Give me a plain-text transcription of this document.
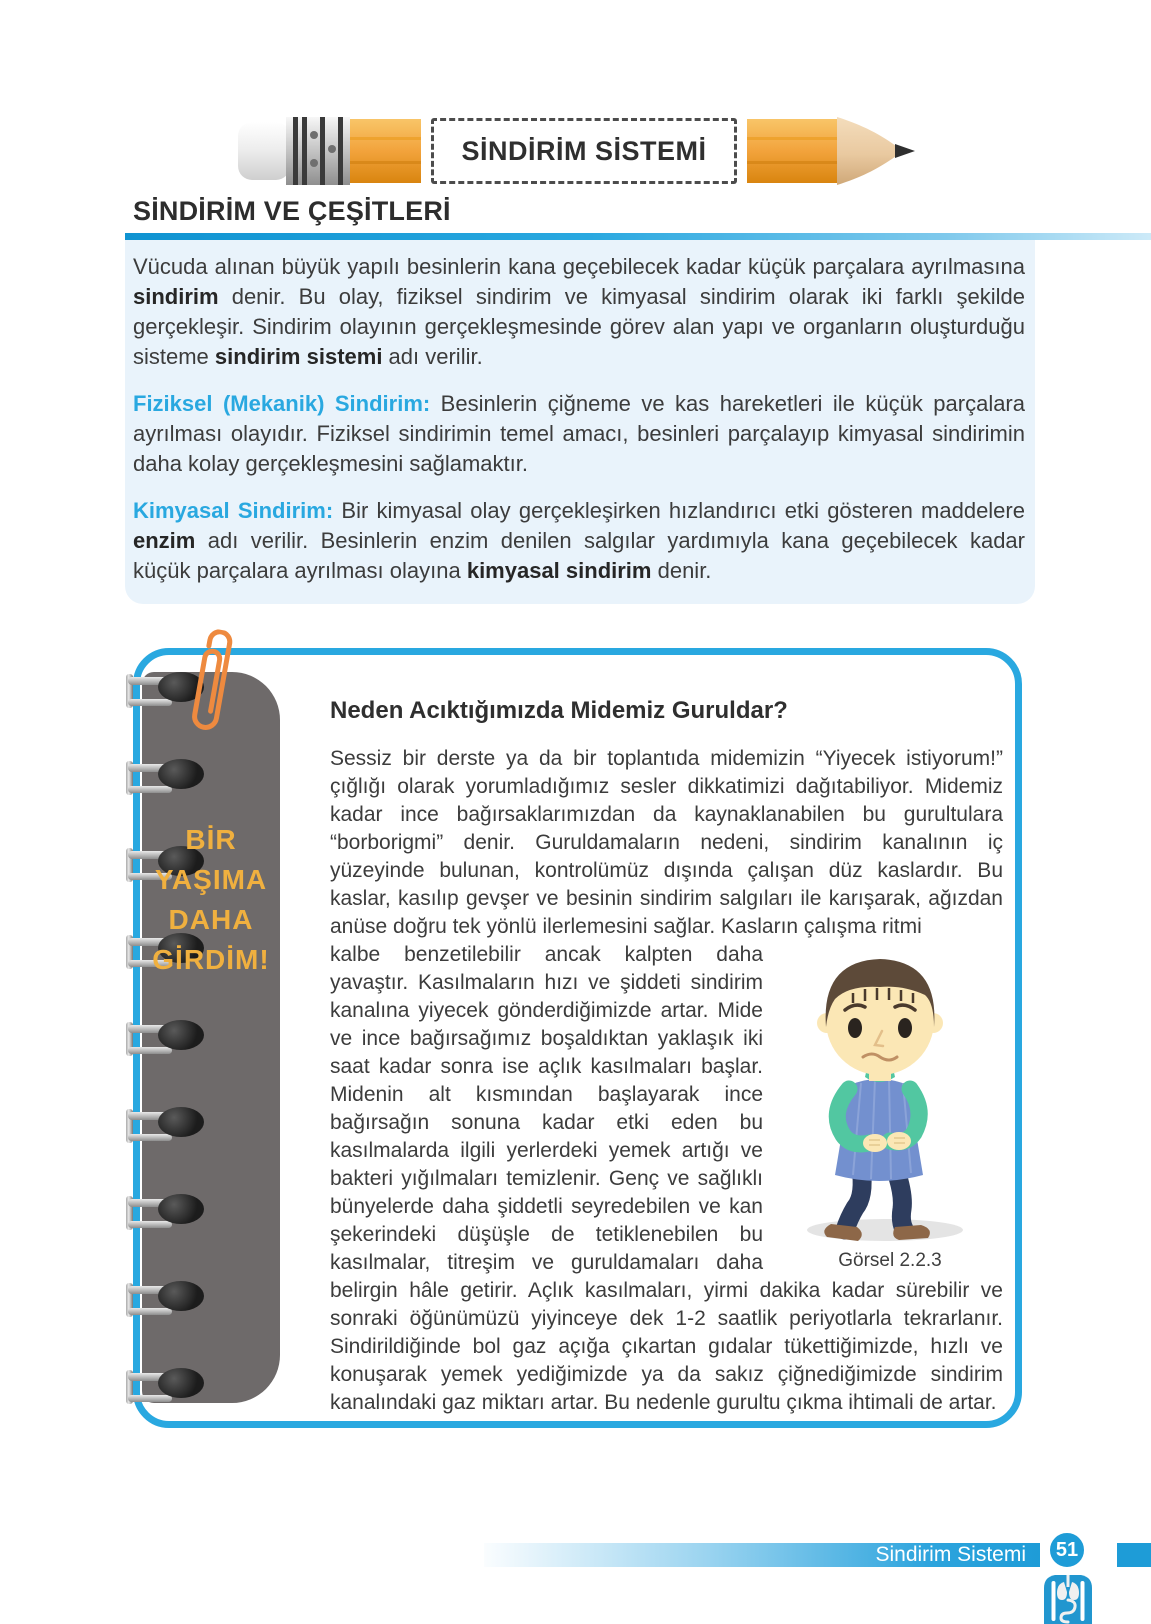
SİNDİRİM SİSTEMİ
SİNDİRİM VE ÇEŞİTLERİ

Vücuda alınan büyük yapılı besinlerin kana geçebilecek kadar küçük parçalara ayrılmasına sindirim denir. Bu olay, fiziksel sindirim ve kimyasal sindirim olarak iki farklı şekilde gerçekleşir. Sindirim olayının gerçekleşmesinde görev alan yapı ve organların oluşturduğu sisteme sindirim sistemi adı verilir.

Fiziksel (Mekanik) Sindirim: Besinlerin çiğneme ve kas hareketleri ile küçük parçalara ayrılması olayıdır. Fiziksel sindirimin temel amacı, besinleri parçalayıp kimyasal sindirimin daha kolay gerçekleşmesini sağlamaktır.

Kimyasal Sindirim: Bir kimyasal olay gerçekleşirken hızlandırıcı etki gösteren maddelere enzim adı verilir. Besinlerin enzim denilen salgılar yardımıyla kana geçebilecek kadar küçük parçalara ayrılması olayına kimyasal sindirim denir.

BİR
YAŞIMA
DAHA
GİRDİM!
Neden Acıktığımızda Midemiz Guruldar?

Sessiz bir derste ya da bir toplantıda midemizin “Yiyecek istiyorum!” çığlığı olarak yorumladığımız sesler dikkatimizi dağıtabiliyor. Midemiz kadar ince bağırsaklarımızdan da kaynaklanabilen bu gurultulara “borborigmi” denir. Guruldamaların nedeni, sindirim kanalının iç yüzeyinde bulunan, kontrolümüz dışında çalışan düz kaslardır. Bu kaslar, kasılıp gevşer ve besinin sindirim salgıları ile karışarak, ağızdan anüse doğru tek yönlü ilerlemesini sağlar. Kasların çalışma ritmi

Görsel 2.2.3

kalbe benzetilebilir ancak kalpten daha yavaştır. Kasılmaların hızı ve şiddeti sindirim kanalına yiyecek gönderdiğimizde artar. Mide ve ince bağırsağımız boşaldıktan yaklaşık iki saat kadar sonra ise açlık kasılmaları başlar. Midenin alt kısmından başlayarak ince bağırsağın sonuna kadar etki eden bu kasılmalarda ilgili yerlerdeki yemek artığı ve bakteri yığılmaları temizlenir. Genç ve sağlıklı bünyelerde daha şiddetli seyredebilen ve kan şekerindeki düşüşle de tetiklenebilen bu kasılmalar, titreşim ve guruldamaları daha belirgin hâle getirir. Açlık kasılmaları, yirmi dakika kadar sürebilir ve sonraki öğünümüzü yiyinceye dek 1-2 saatlik periyotlarla tekrarlanır. Sindirildiğinde bol gaz açığa çıkartan gıdalar tükettiğimizde, hızlı ve konuşarak yemek yediğimizde ya da sakız çiğnediğimizde sindirim kanalındaki gaz miktarı artar. Bu nedenle gurultu çıkma ihtimali de artar.

Sindirim Sistemi 51
